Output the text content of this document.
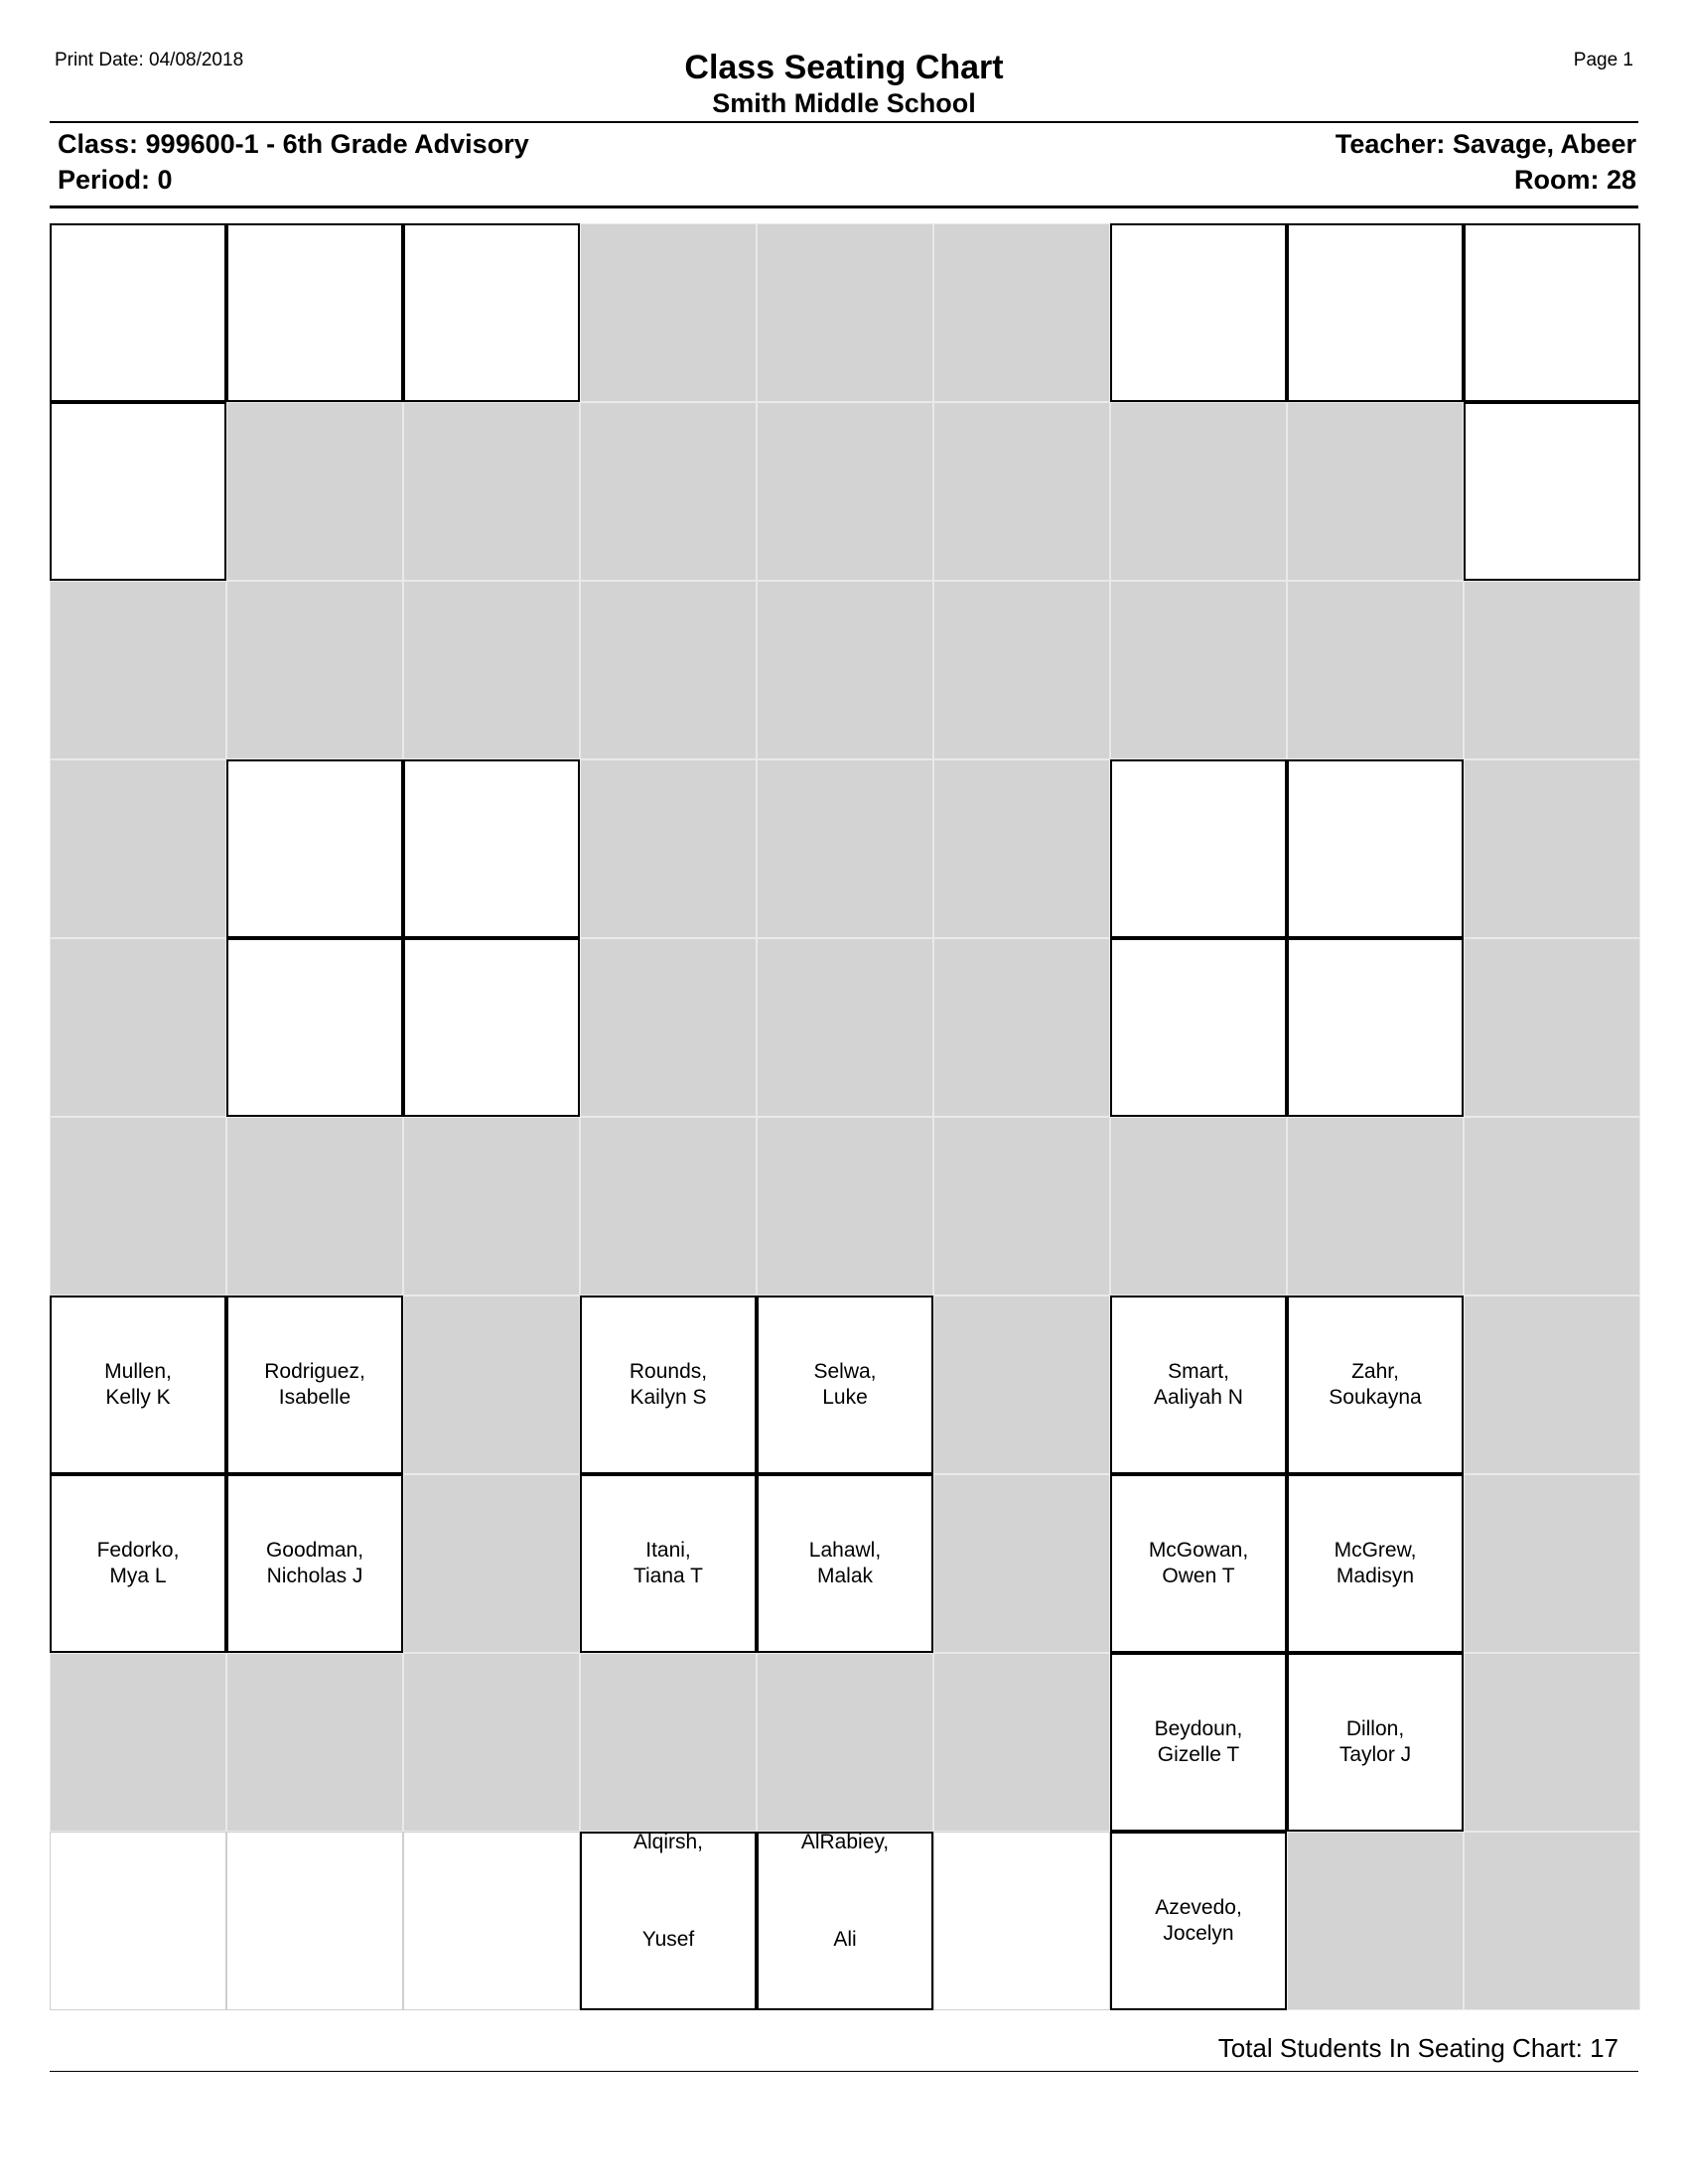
Print Date: 04/08/2018	Page 1
Class Seating Chart
Smith Middle School
Class: 999600-1 - 6th Grade Advisory
Period: 0
Teacher: Savage, Abeer
Room: 28
Mullen,
Kelly K
Rodriguez,
Isabelle
Rounds,
Kailyn S
Selwa,
Luke
Smart,
Aaliyah N
Zahr,
Soukayna
Fedorko,
Mya L
Goodman,
Nicholas J
Itani,
Tiana T
Lahawl,
Malak
McGowan,
Owen T
McGrew,
Madisyn
Beydoun,
Gizelle T
Dillon,
Taylor J
Alqirsh,
Yusef
AlRabiey,
Ali
Azevedo,
Jocelyn
Total Students In Seating Chart: 17
